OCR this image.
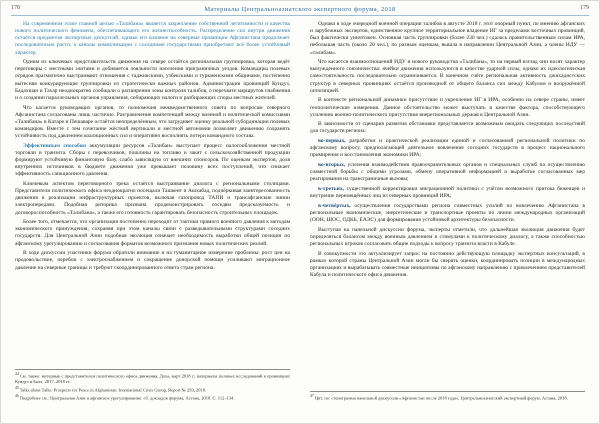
178	Материалы Центральноазиатского экспертного форума, 2018	179

На современном этапе главной целью «Талибана» является закрепление собственной легитимности и качества нового политического феномена, обеспечивающего его жизнеспособность. Распределение сил внутри движения остаётся предметом экспертных дискуссий, однако его влияние на северные провинции Афганистана продолжает последовательно расти, а каналы коммуникации с соседними государствами приобретают всё более устойчивый характер.

Одним из ключевых представительств движения на севере остаётся региональная группировка, которая ведёт переговоры с местными элитами и добивается лояльности населения приграничных уездов. Командиры полевых отрядов прагматично выстраивают отношения с таджикскими, узбекскими и туркменскими общинами, постепенно вытесняя конкурирующие группировки из стратегически важных районов. Администрации провинций Кундуз, Бадахшан и Тахар неоднократно сообщали о расширении зоны контроля талибов, о перехвате маршрутов снабжения и о создании параллельных органов управления, собирающих налоги и разбирающих споры местных жителей.

Что касается руководящих органов, то полномочия межведомственного совета по вопросам северного Афганистана согласованы лишь частично. Разграничение компетенций между военной и политической комиссиями «Талибана» в Катаре и Пешаваре остаётся неопределённым, что затрудняет оценку реальной субординации полевых командиров. Вместе с тем сочетание жёсткой вертикали и местной автономии позволяет движению сохранять устойчивость под давлением коалиционных сил и оперативно восполнять потери командного состава.

Эффективным способом аккумуляции ресурсов «Талибан» выступает процесс налогообложения местной торговли и транзита. Сборы с перевозчиков, пошлины на топливо и закят с сельскохозяйственной продукции формируют устойчивую финансовую базу, слабо зависящую от внешних спонсоров. По оценкам экспертов, доля внутренних источников в бюджете движения уже превышает половину всех поступлений, что снижает эффективность санкционного давления.

Ключевым аспектом переговорного трека остаётся выстраивание диалога с региональными столицами. Представители политического офиса неоднократно посещали Ташкент и Ашхабад, подчёркивая заинтересованность движения в реализации инфраструктурных проектов, включая газопровод ТАПИ и трансафганские линии электропередачи. Подобная риторика призвана продемонстрировать соседям предсказуемость и договороспособность «Талибана», а также его готовность гарантировать безопасность строительных площадок.

Более того, отмечается, что организация постепенно переходит от тактики прямого военного давления к методам экономического принуждения, сохраняя при этом каналы связи с разведывательными структурами соседних государств. Для Центральной Азии подобная эволюция означает необходимость выработки общей позиции по афганскому урегулированию и согласования форматов возможного признания новых политических реалий.

В ходе дискуссии участники форума обратили внимание и на гуманитарное измерение проблемы: рост цен на продовольствие, перебои с электроснабжением и сокращение донорской помощи усиливают миграционное давление на северные границы и требуют скоординированного ответа стран региона.

$^{44}$См. также: интервью с представителем политического офиса движения, Доха, март 2018 г.; материалы полевых исследований в провинциях Кундуз и Балх, 2017–2018 гг.

$^{45}$Talks about Talks: Prospects for Peace in Afghanistan. International Crisis Group, Report № 293, 2018.

$^{46}$Подробнее см.: Центральная Азия и афганское урегулирование: сб. докладов форума, Астана, 2018. С. 112–134.

Однако в ходе очередной военной операции талибов в августе 2018 г. этот опорный пункт, по мнению афганских и зарубежных экспертов, единственное крупное территориальное владение ИГ за пределами восточных провинций, был фактически уничтожен. Основная часть группировки (более 230 чел.) сдалась правительственным силам ИРА, небольшая часть (около 20 чел.), по разным оценкам, вышла в направлении Центральной Азии, а члены ИДУ — «талибам».

Что касается взаимоотношений ИДУ и нового руководства «Талибана», то на первый взгляд они носят характер вынужденного союзничества: ячейки движения используются в качестве ударной силы, однако их идеологическая самостоятельность последовательно ограничивается. В конечном счёте региональная активность джихадистских структур в северных провинциях остаётся производной от общего баланса сил между Кабулом и вооружённой оппозицией.

В контексте региональной динамики присутствие и укрепление ИГ в ИРА, особенно на севере страны, имеет геополитические измерения. Данное обстоятельство может выступать в качестве фактора, способствующего усилению военно-политического присутствия внерегиональных держав в Центральной Азии.

В зависимости от сценария развития обстановки представляется возможным ожидать следующих последствий для государств региона:

во-первых, разработки и практической реализации единой и согласованной региональной политики по афганскому вопросу, предполагающей деятельное вовлечение соседних государств в процесс национального примирения и восстановления экономики ИРА;

во-вторых, усиления взаимодействия правоохранительных органов и специальных служб по осуществлению совместной борьбы с общими угрозами, обмену оперативной информацией и выработке согласованных мер реагирования на трансграничные вызовы;

в-третьих, существенной корректировки миграционной политики с учётом возможного притока беженцев и внутренне перемещённых лиц из северных провинций ИРА;

в-четвёртых, осуществления государствами региона совместных усилий по вовлечению Афганистана в региональные экономические, энергетические и транспортные проекты по линии международных организаций (ООН, ШОС, ОДКБ, ЕАЭС) для формирования устойчивой архитектуры безопасности.

Выступая на панельной дискуссии форума, эксперты отметили, что дальнейшая эволюция движения будет определяться балансом между военным давлением и стимулами к политическому диалогу, а также способностью региональных игроков согласовать общие подходы к вопросу транзита власти в Кабуле.

В совокупности это актуализирует запрос на постоянно действующую площадку экспертных консультаций, в рамках которой страны Центральной Азии могли бы сверять оценки, координировать позиции в международных организациях и вырабатывать совместные инициативы по афганскому направлению с привлечением представителей Кабула и политического офиса движения.

$^{47}$Цит. по: стенограмма панельной дискуссии «Афганистан после 2018 года», Центральноазиатский экспертный форум, Астана, 2018.
